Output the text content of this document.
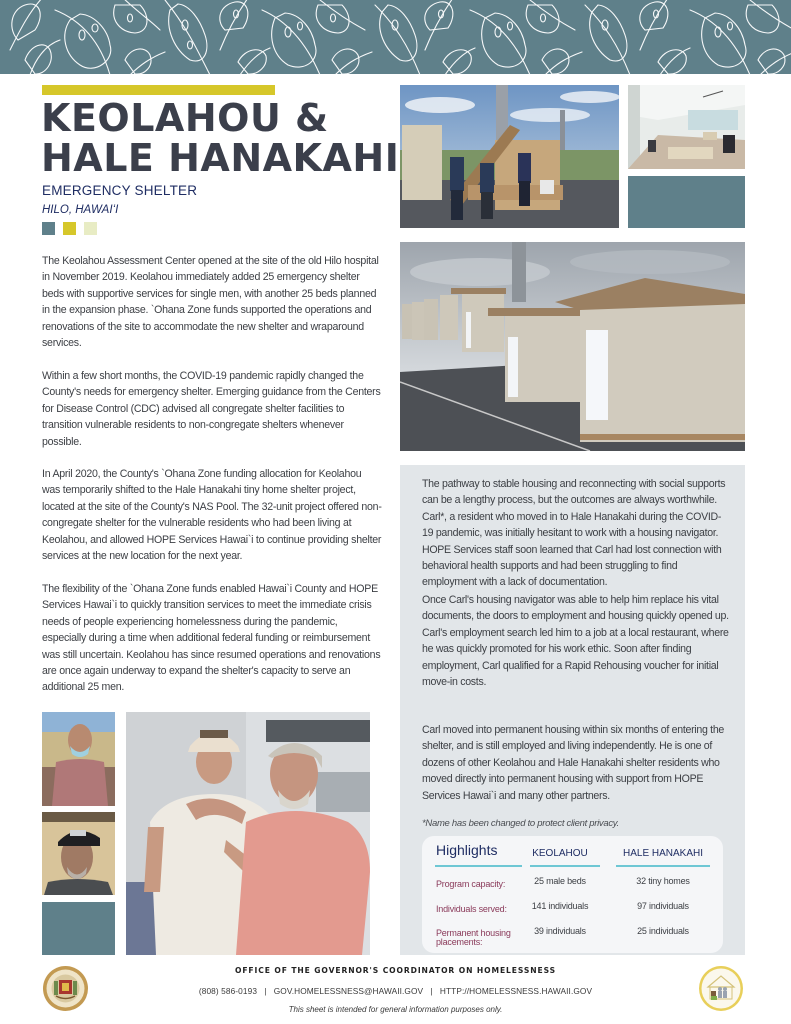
KEOLAHOU &
HALE HANAKAHI
EMERGENCY SHELTER
HILO, HAWAIʻI

The Keolahou Assessment Center opened at the site of the old Hilo hospital in November 2019. Keolahou immediately added 25 emergency shelter beds with supportive services for single men, with another 25 beds planned in the expansion phase. `Ohana Zone funds supported the operations and renovations of the site to accommodate the new shelter and wraparound services.

Within a few short months, the COVID-19 pandemic rapidly changed the County's needs for emergency shelter. Emerging guidance from the Centers for Disease Control (CDC) advised all congregate shelter facilities to transition vulnerable residents to non-congregate shelters whenever possible.

In April 2020, the County's `Ohana Zone funding allocation for Keolahou was temporarily shifted to the Hale Hanakahi tiny home shelter project, located at the site of the County's NAS Pool. The 32-unit project offered non-congregate shelter for the vulnerable residents who had been living at Keolahou, and allowed HOPE Services Hawai`i to continue providing shelter services at the new location for the next year.

The flexibility of the `Ohana Zone funds enabled Hawai`i County and HOPE Services Hawai`i to quickly transition services to meet the immediate crisis needs of people experiencing homelessness during the pandemic, especially during a time when additional federal funding or reimbursement was still uncertain. Keolahou has since resumed operations and renovations are once again underway to expand the shelter's capacity to serve an additional 25 men.

The pathway to stable housing and reconnecting with social supports can be a lengthy process, but the outcomes are always worthwhile. Carl*, a resident who moved in to Hale Hanakahi during the COVID-19 pandemic, was initially hesitant to work with a housing navigator. HOPE Services staff soon learned that Carl had lost connection with behavioral health supports and had been struggling to find employment with a lack of documentation.

Once Carl's housing navigator was able to help him replace his vital documents, the doors to employment and housing quickly opened up. Carl's employment search led him to a job at a local restaurant, where he was quickly promoted for his work ethic. Soon after finding employment, Carl qualified for a Rapid Rehousing voucher for initial move-in costs.

Carl moved into permanent housing within six months of entering the shelter, and is still employed and living independently. He is one of dozens of other Keolahou and Hale Hanakahi shelter residents who moved directly into permanent housing with support from HOPE Services Hawai`i and many other partners.

*Name has been changed to protect client privacy.
Highlights	KEOLAHOU	HALE HANAKAHI
Program capacity:	25 male beds	32 tiny homes
Individuals served:	141 individuals	97 individuals
Permanent housing
placements:
39 individuals	25 individuals
OFFICE OF THE GOVERNOR'S COORDINATOR ON HOMELESSNESS
(808) 586-0193   |   GOV.HOMELESSNESS@HAWAII.GOV   |   HTTP://HOMELESSNESS.HAWAII.GOV
This sheet is intended for general information purposes only.
